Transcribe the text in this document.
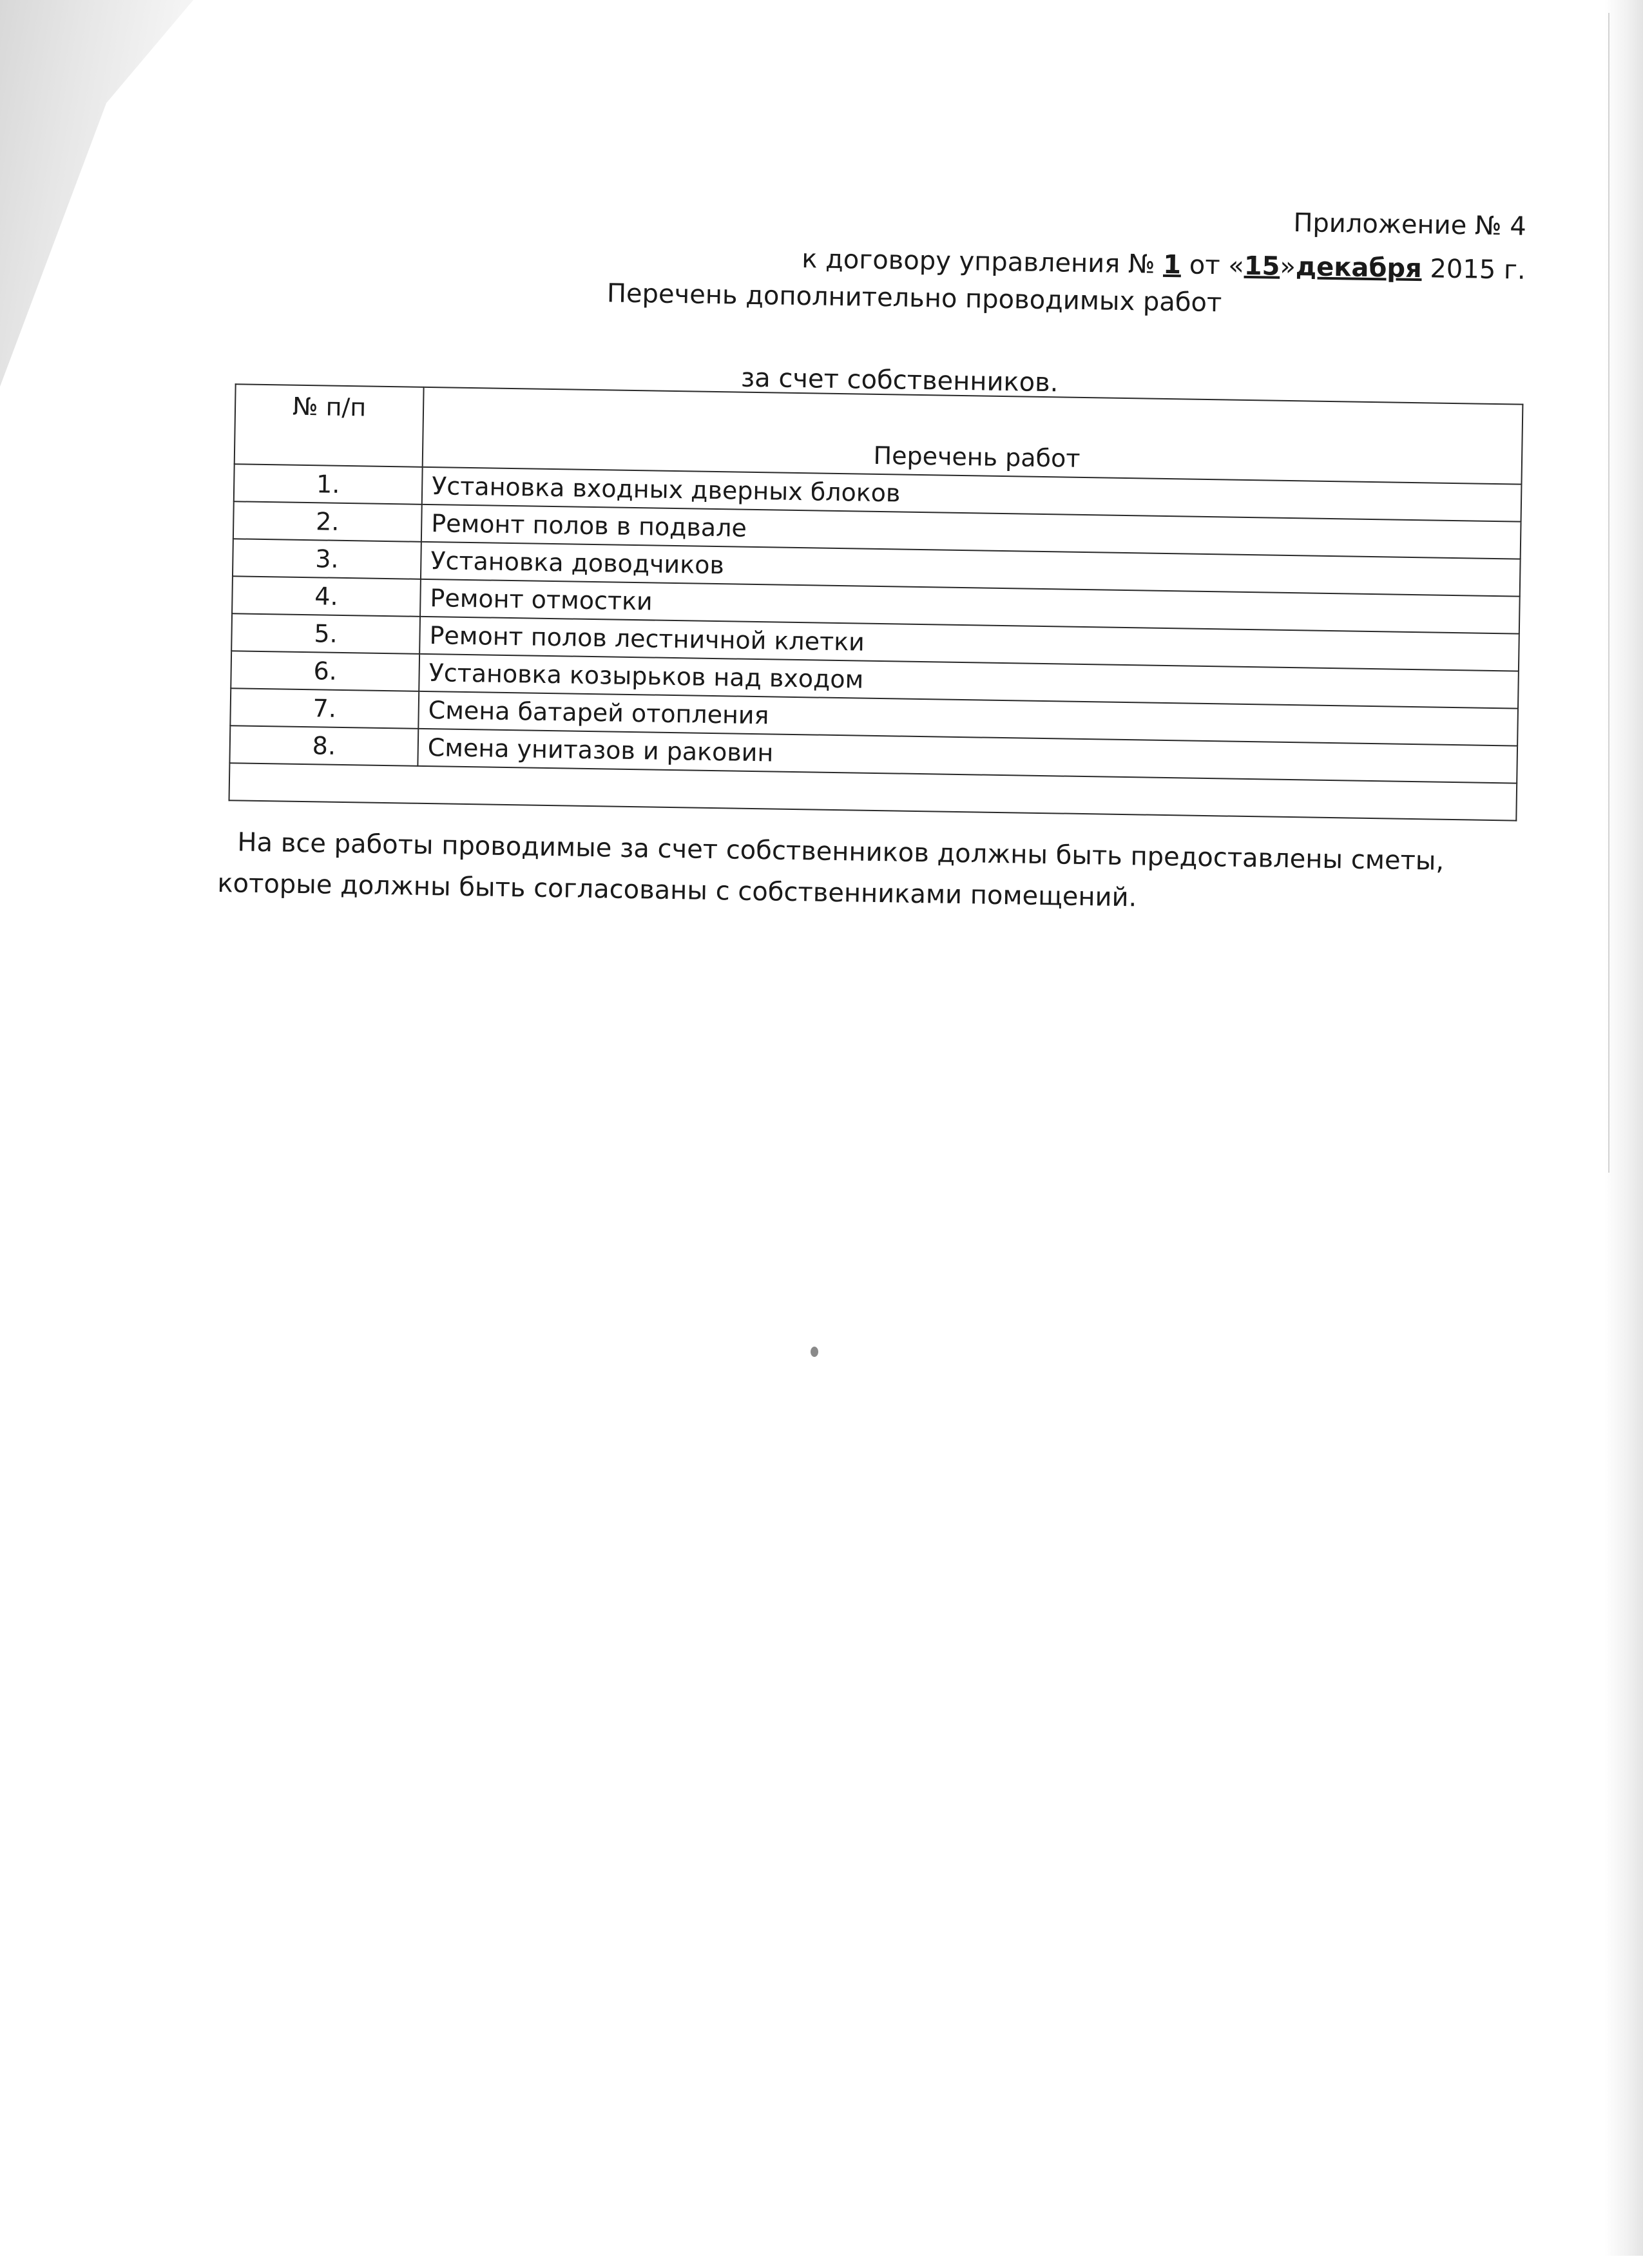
Приложение № 4
к договору управления № 1 от «15»декабря 2015 г.
Перечень дополнительно проводимых работ
за счет собственников.
№ п/п	Перечень работ
1.	Установка входных дверных блоков
2.	Ремонт полов в подвале
3.	Установка доводчиков
4.	Ремонт отмостки
5.	Ремонт полов лестничной клетки
6.	Установка козырьков над входом
7.	Смена батарей отопления
8.	Смена унитазов и раковин

На все работы проводимые за счет собственников должны быть предоставлены сметы, которые должны быть согласованы с собственниками помещений.
